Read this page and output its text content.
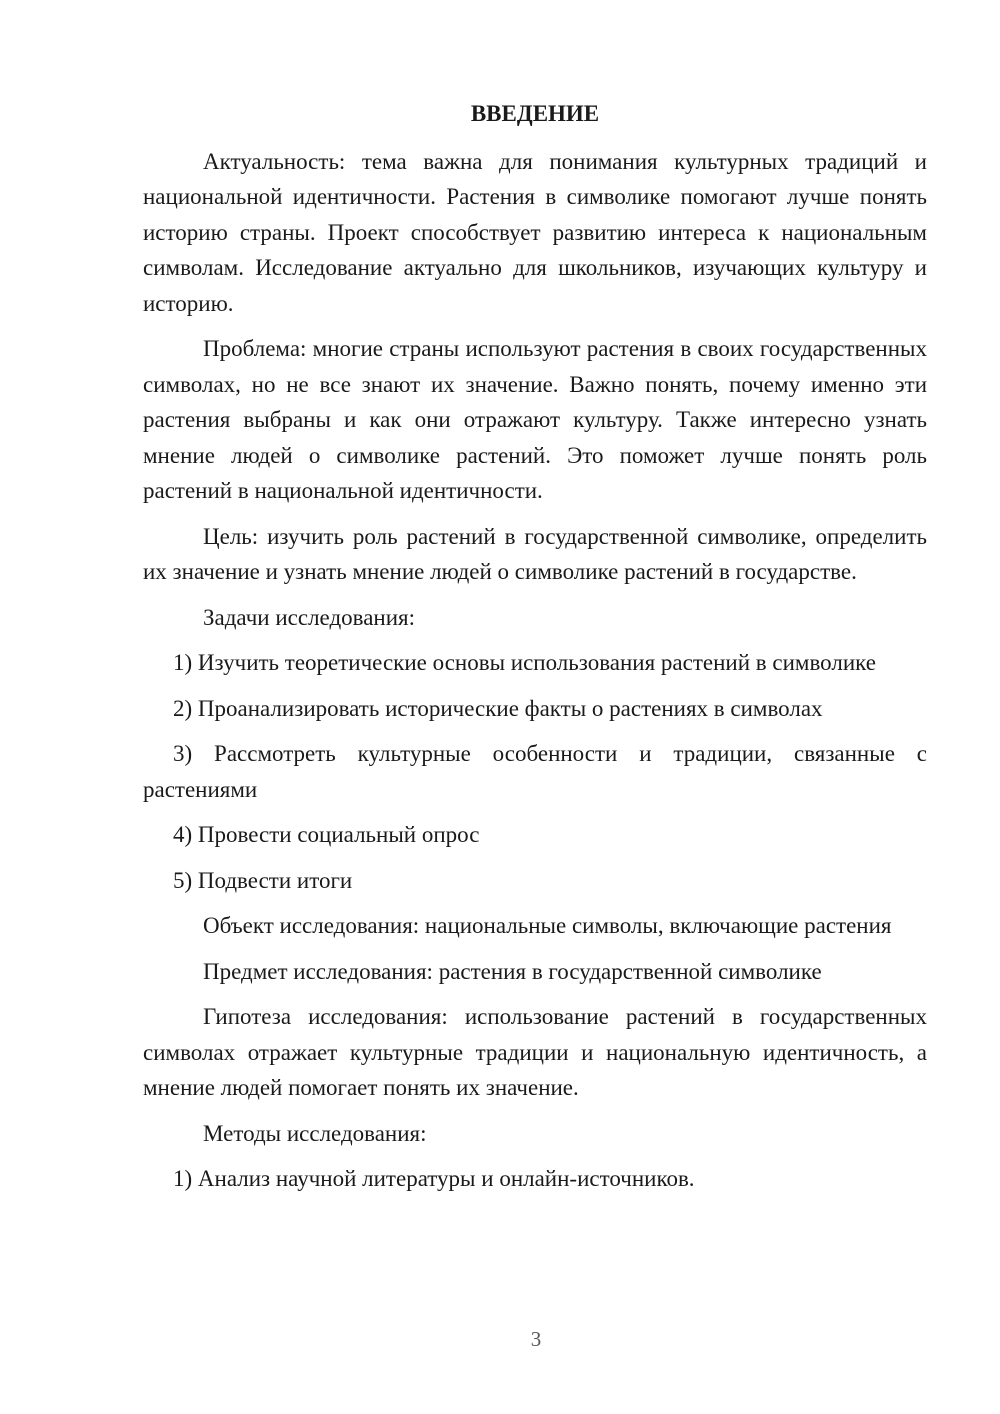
ВВЕДЕНИЕ

Актуальность: тема важна для понимания культурных традиций и национальной идентичности. Растения в символике помогают лучше понять историю страны. Проект способствует развитию интереса к национальным символам. Исследование актуально для школьников, изучающих культуру и историю.

Проблема: многие страны используют растения в своих государственных символах, но не все знают их значение. Важно понять, почему именно эти растения выбраны и как они отражают культуру. Также интересно узнать мнение людей о символике растений. Это поможет лучше понять роль растений в национальной идентичности.

Цель: изучить роль растений в государственной символике, определить их значение и узнать мнение людей о символике растений в государстве.

Задачи исследования:

1) Изучить теоретические основы использования растений в символике

2) Проанализировать исторические факты о растениях в символах

3) Рассмотреть культурные особенности и традиции, связанные с растениями

4) Провести социальный опрос

5) Подвести итоги

Объект исследования: национальные символы, включающие растения

Предмет исследования: растения в государственной символике

Гипотеза исследования: использование растений в государственных символах отражает культурные традиции и национальную идентичность, а мнение людей помогает понять их значение.

Методы исследования:

1) Анализ научной литературы и онлайн-источников.

3
